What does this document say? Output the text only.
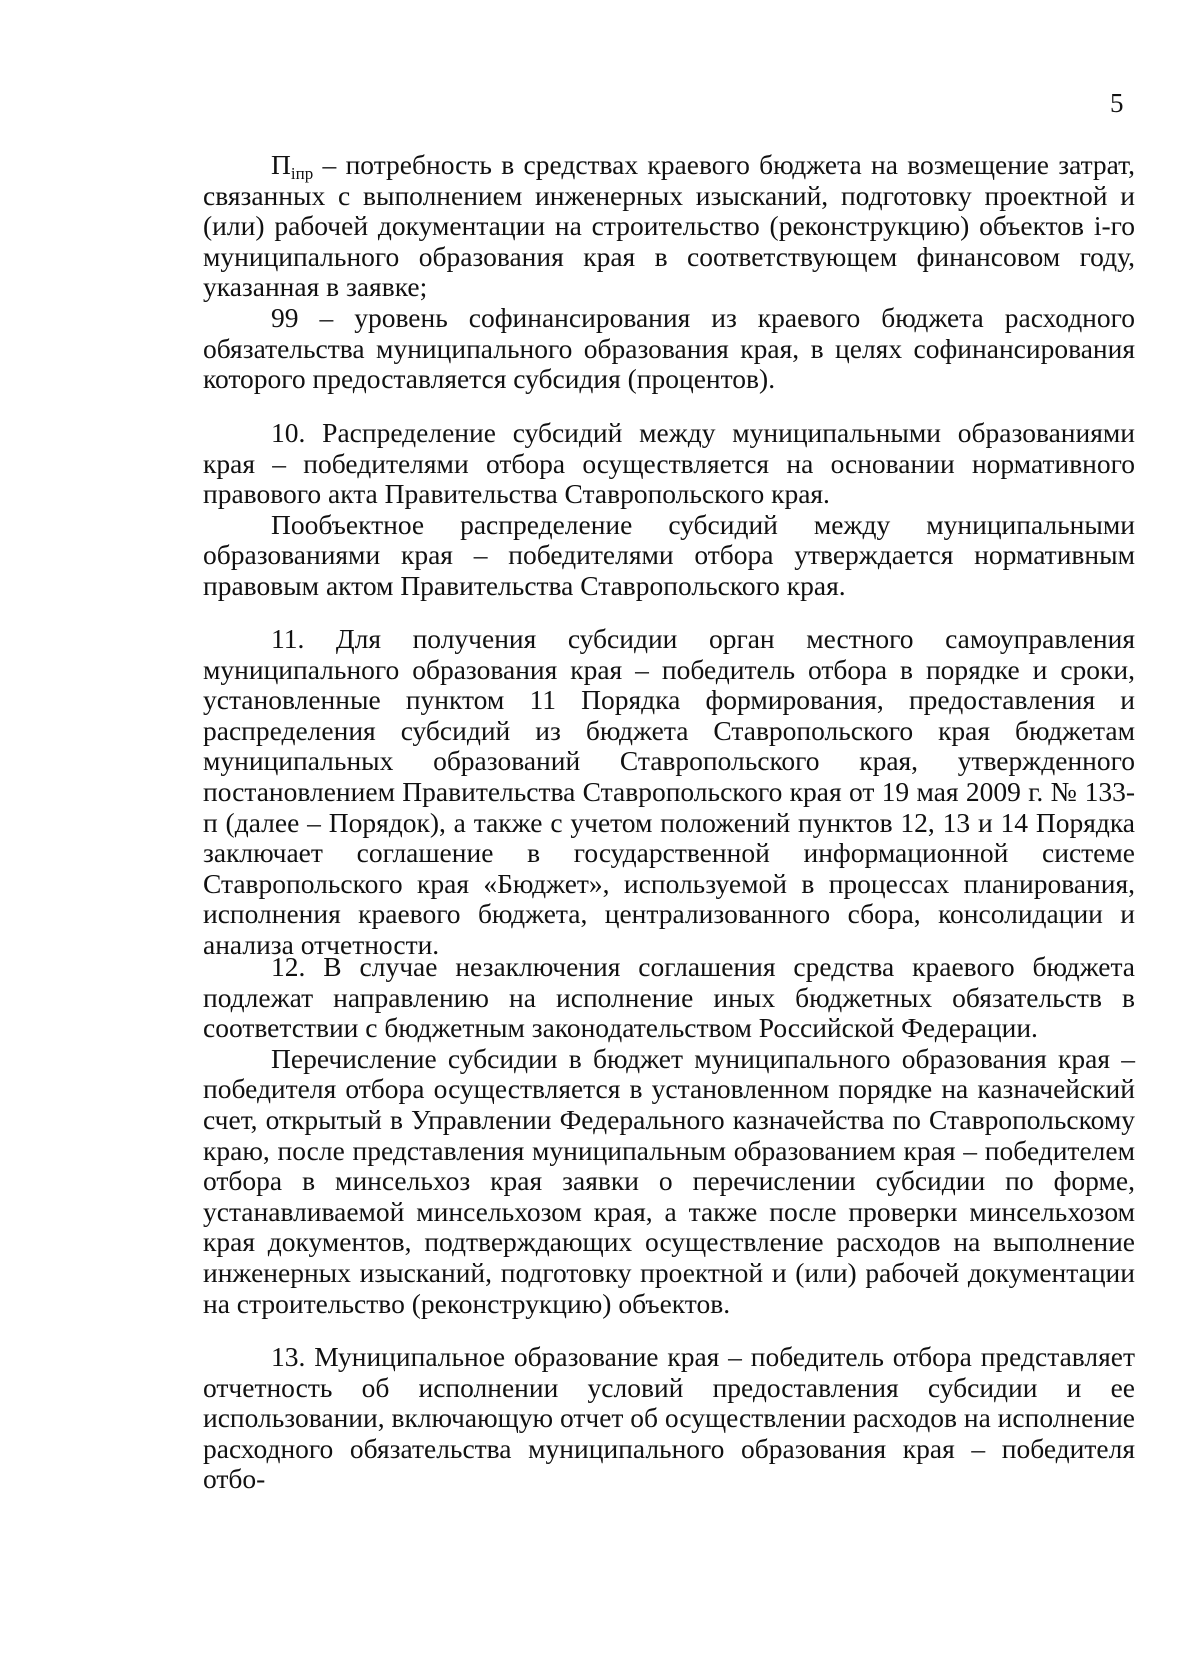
5

$П_{iпр}$ – потребность в средствах краевого бюджета на возмещение затрат, связанных с выполнением инженерных изысканий, подготовку проектной и (или) рабочей документации на строительство (реконструкцию) объектов i-го муниципального образования края в соответствующем финансовом году, указанная в заявке;

99 – уровень софинансирования из краевого бюджета расходного обязательства муниципального образования края, в целях софинансирования которого предоставляется субсидия (процентов).

10. Распределение субсидий между муниципальными образованиями края – победителями отбора осуществляется на основании нормативного правового акта Правительства Ставропольского края.

Пообъектное распределение субсидий между муниципальными образованиями края – победителями отбора утверждается нормативным правовым актом Правительства Ставропольского края.

11. Для получения субсидии орган местного самоуправления муниципального образования края – победитель отбора в порядке и сроки, установленные пунктом 11 Порядка формирования, предоставления и распределения субсидий из бюджета Ставропольского края бюджетам муниципальных образований Ставропольского края, утвержденного постановлением Правительства Ставропольского края от 19 мая 2009 г. № 133-п (далее – Порядок), а также с учетом положений пунктов 12, 13 и 14 Порядка заключает соглашение в государственной информационной системе Ставропольского края «Бюджет», используемой в процессах планирования, исполнения краевого бюджета, централизованного сбора, консолидации и анализа отчетности.

12. В случае незаключения соглашения средства краевого бюджета подлежат направлению на исполнение иных бюджетных обязательств в соответствии с бюджетным законодательством Российской Федерации.

Перечисление субсидии в бюджет муниципального образования края – победителя отбора осуществляется в установленном порядке на казначейский счет, открытый в Управлении Федерального казначейства по Ставропольскому краю, после представления муниципальным образованием края – победителем отбора в минсельхоз края заявки о перечислении субсидии по форме, устанавливаемой минсельхозом края, а также после проверки минсельхозом края документов, подтверждающих осуществление расходов на выполнение инженерных изысканий, подготовку проектной и (или) рабочей документации на строительство (реконструкцию) объектов.

13. Муниципальное образование края – победитель отбора представляет отчетность об исполнении условий предоставления субсидии и ее использовании, включающую отчет об осуществлении расходов на исполнение расходного обязательства муниципального образования края – победителя отбо-
